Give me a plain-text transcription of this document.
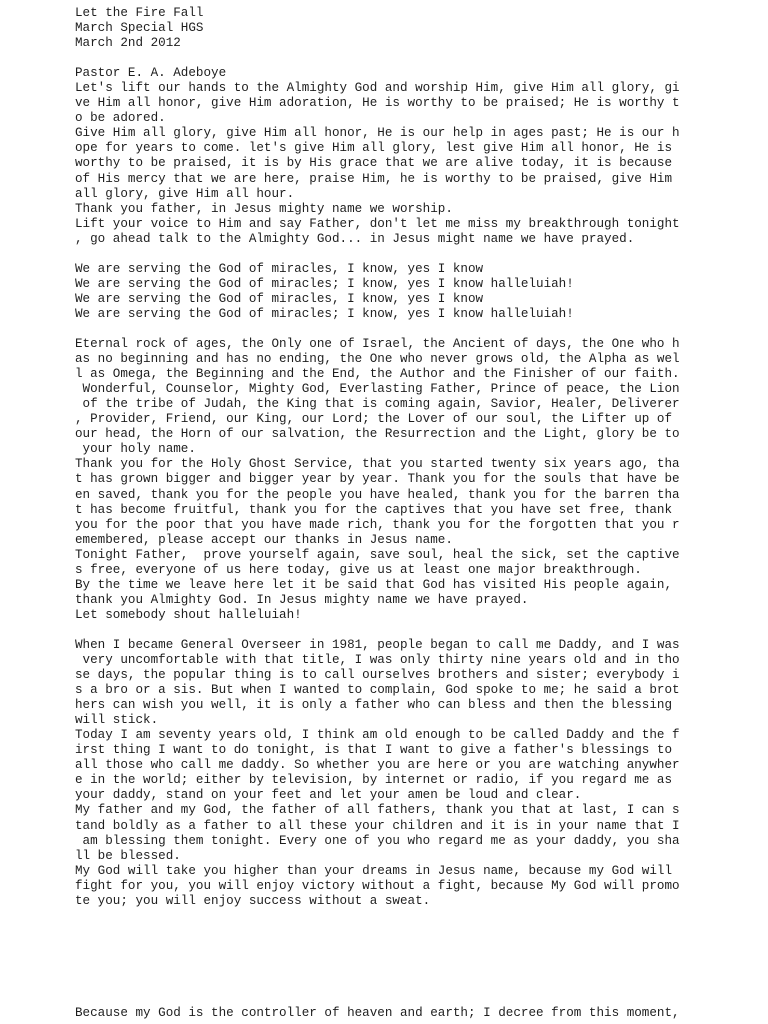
Let the Fire Fall
March Special HGS
March 2nd 2012
Pastor E. A. Adeboye
Let's lift our hands to the Almighty God and worship Him, give Him all glory, gi
ve Him all honor, give Him adoration, He is worthy to be praised; He is worthy t
o be adored.
Give Him all glory, give Him all honor, He is our help in ages past; He is our h
ope for years to come. let's give Him all glory, lest give Him all honor, He is
worthy to be praised, it is by His grace that we are alive today, it is because
of His mercy that we are here, praise Him, he is worthy to be praised, give Him
all glory, give Him all hour.
Thank you father, in Jesus mighty name we worship.
Lift your voice to Him and say Father, don't let me miss my breakthrough tonight
, go ahead talk to the Almighty God... in Jesus might name we have prayed.
We are serving the God of miracles, I know, yes I know
We are serving the God of miracles; I know, yes I know halleluiah!
We are serving the God of miracles, I know, yes I know
We are serving the God of miracles; I know, yes I know halleluiah!
Eternal rock of ages, the Only one of Israel, the Ancient of days, the One who h
as no beginning and has no ending, the One who never grows old, the Alpha as wel
l as Omega, the Beginning and the End, the Author and the Finisher of our faith.
Wonderful, Counselor, Mighty God, Everlasting Father, Prince of peace, the Lion
of the tribe of Judah, the King that is coming again, Savior, Healer, Deliverer
, Provider, Friend, our King, our Lord; the Lover of our soul, the Lifter up of
our head, the Horn of our salvation, the Resurrection and the Light, glory be to
your holy name.
Thank you for the Holy Ghost Service, that you started twenty six years ago, tha
t has grown bigger and bigger year by year. Thank you for the souls that have be
en saved, thank you for the people you have healed, thank you for the barren tha
t has become fruitful, thank you for the captives that you have set free, thank
you for the poor that you have made rich, thank you for the forgotten that you r
emembered, please accept our thanks in Jesus name.
Tonight Father,  prove yourself again, save soul, heal the sick, set the captive
s free, everyone of us here today, give us at least one major breakthrough.
By the time we leave here let it be said that God has visited His people again,
thank you Almighty God. In Jesus mighty name we have prayed.
Let somebody shout halleluiah!
When I became General Overseer in 1981, people began to call me Daddy, and I was
very uncomfortable with that title, I was only thirty nine years old and in tho
se days, the popular thing is to call ourselves brothers and sister; everybody i
s a bro or a sis. But when I wanted to complain, God spoke to me; he said a brot
hers can wish you well, it is only a father who can bless and then the blessing
will stick.
Today I am seventy years old, I think am old enough to be called Daddy and the f
irst thing I want to do tonight, is that I want to give a father's blessings to
all those who call me daddy. So whether you are here or you are watching anywher
e in the world; either by television, by internet or radio, if you regard me as
your daddy, stand on your feet and let your amen be loud and clear.
My father and my God, the father of all fathers, thank you that at last, I can s
tand boldly as a father to all these your children and it is in your name that I
am blessing them tonight. Every one of you who regard me as your daddy, you sha
ll be blessed.
My God will take you higher than your dreams in Jesus name, because my God will
fight for you, you will enjoy victory without a fight, because My God will promo
te you; you will enjoy success without a sweat.
Because my God is the controller of heaven and earth; I decree from this moment,
